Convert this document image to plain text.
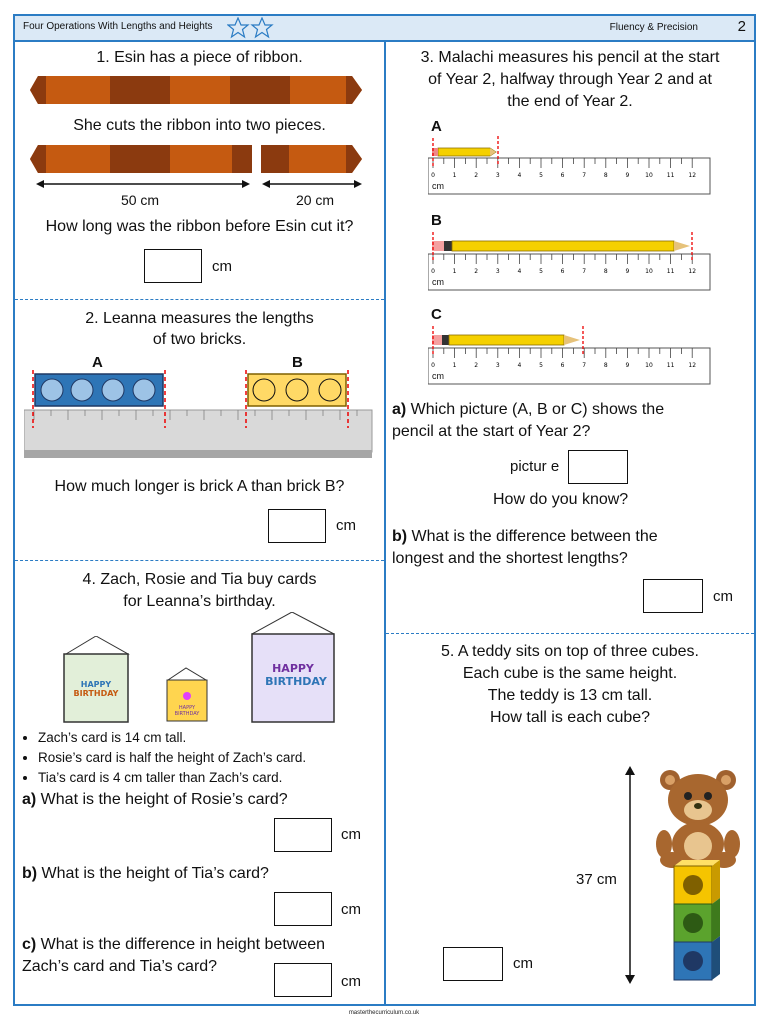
Four Operations With Lengths and Heights	Fluency & Precision	2
1. Esin has a piece of ribbon.
She cuts the ribbon into two pieces.
50 cm	20 cm
How long was the ribbon before Esin cut it?
cm
2. Leanna measures the lengths
of two bricks.
A	B
How much longer is brick A than brick B?
cm
4. Zach, Rosie and Tia buy cards
for Leanna’s birthday.
HAPPY
BIRTHDAY
HAPPY
BIRTHDAY
HAPPY
BIRTHDAY
• Zach’s card is 14 cm tall.
• Rosie’s card is half the height of Zach’s card.
• Tia’s card is 4 cm taller than Zach’s card.
a) What is the height of Rosie’s card?
cm
b) What is the height of Tia’s card?
cm
c) What is the difference in height between
Zach’s card and Tia’s card?
cm
3. Malachi measures his pencil at the start
of Year 2, halfway through Year 2 and at
the end of Year 2.
A
0	1	2	3	4	5	6	7	8	9	10 11 12
cm
B
0	1	2	3	4	5	6	7	8	9	10 11 12
cm
C
0	1	2	3	4	5	6	7	8	9	10 11 12
cm
a) Which picture (A, B or C) shows the
pencil at the start of Year 2?
pictur e
How do you know?
b) What is the difference between the
longest and the shortest lengths?
cm
5. A teddy sits on top of three cubes.
Each cube is the same height.
The teddy is 13 cm tall.
How tall is each cube?
37 cm
cm
masterthecurriculum.co.uk
